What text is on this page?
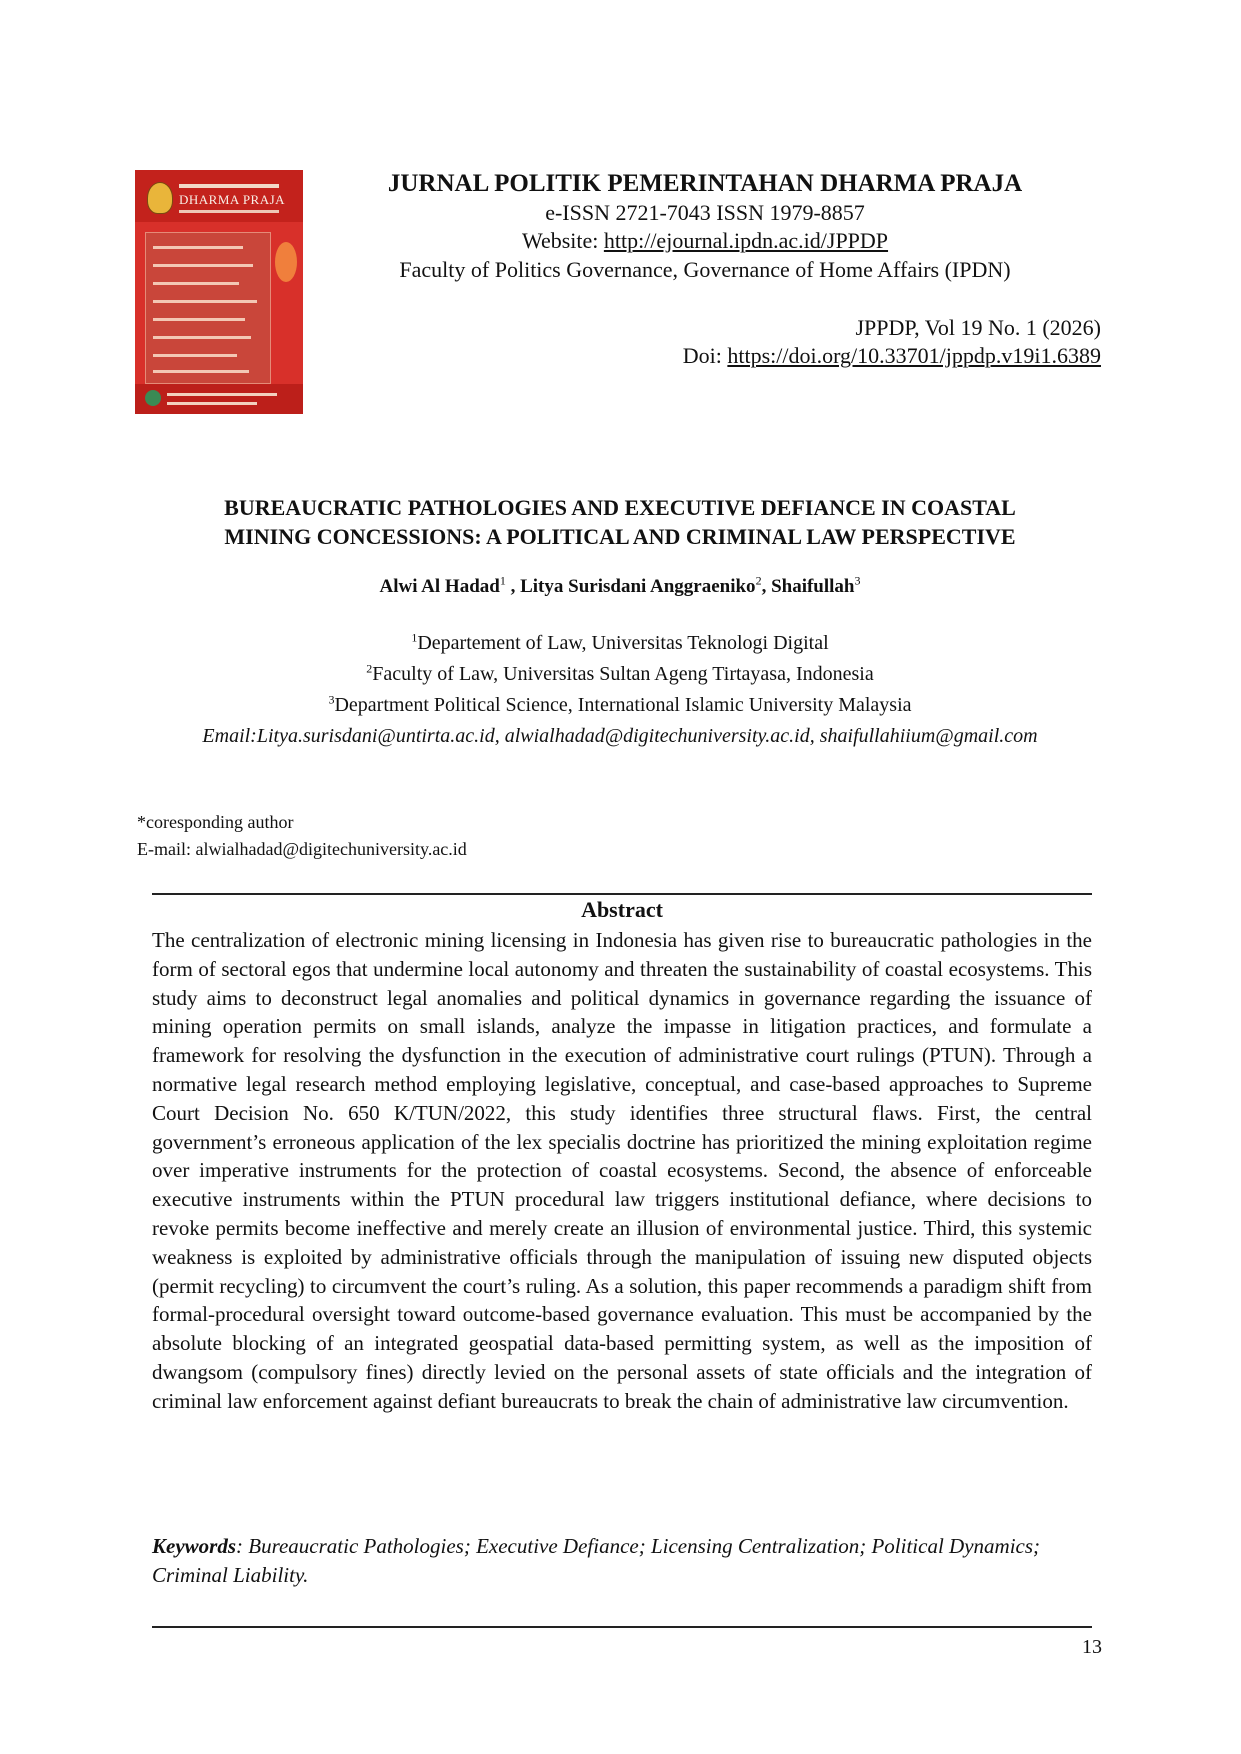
DHARMA PRAJA
JURNAL POLITIK PEMERINTAHAN DHARMA PRAJA
e-ISSN 2721-7043 ISSN 1979-8857
Website: http://ejournal.ipdn.ac.id/JPPDP
Faculty of Politics Governance, Governance of Home Affairs (IPDN)
JPPDP, Vol 19 No. 1 (2026)
Doi: https://doi.org/10.33701/jppdp.v19i1.6389
BUREAUCRATIC PATHOLOGIES AND EXECUTIVE DEFIANCE IN COASTAL
MINING CONCESSIONS: A POLITICAL AND CRIMINAL LAW PERSPECTIVE
Alwi Al Hadad$^1$ , Litya Surisdani Anggraeniko$^2$, Shaifullah$^3$
$^1$Departement of Law, Universitas Teknologi Digital
$^2$Faculty of Law, Universitas Sultan Ageng Tirtayasa, Indonesia
$^3$Department Political Science, International Islamic University Malaysia
Email:Litya.surisdani@untirta.ac.id, alwialhadad@digitechuniversity.ac.id, shaifullahiium@gmail.com
*coresponding author
E-mail: alwialhadad@digitechuniversity.ac.id
Abstract
The centralization of electronic mining licensing in Indonesia has given rise to bureaucratic pathologies in the form of sectoral egos that undermine local autonomy and threaten the sustainability of coastal ecosystems. This study aims to deconstruct legal anomalies and political dynamics in governance regarding the issuance of mining operation permits on small islands, analyze the impasse in litigation practices, and formulate a framework for resolving the dysfunction in the execution of administrative court rulings (PTUN). Through a normative legal research method employing legislative, conceptual, and case-based approaches to Supreme Court Decision No. 650 K/TUN/2022, this study identifies three structural flaws. First, the central government’s erroneous application of the lex specialis doctrine has prioritized the mining exploitation regime over imperative instruments for the protection of coastal ecosystems. Second, the absence of enforceable executive instruments within the PTUN procedural law triggers institutional defiance, where decisions to revoke permits become ineffective and merely create an illusion of environmental justice. Third, this systemic weakness is exploited by administrative officials through the manipulation of issuing new disputed objects (permit recycling) to circumvent the court’s ruling. As a solution, this paper recommends a paradigm shift from formal-procedural oversight toward outcome-based governance evaluation. This must be accompanied by the absolute blocking of an integrated geospatial data-based permitting system, as well as the imposition of dwangsom (compulsory fines) directly levied on the personal assets of state officials and the integration of criminal law enforcement against defiant bureaucrats to break the chain of administrative law circumvention.
Keywords: Bureaucratic Pathologies; Executive Defiance; Licensing Centralization; Political Dynamics; Criminal Liability.
13
